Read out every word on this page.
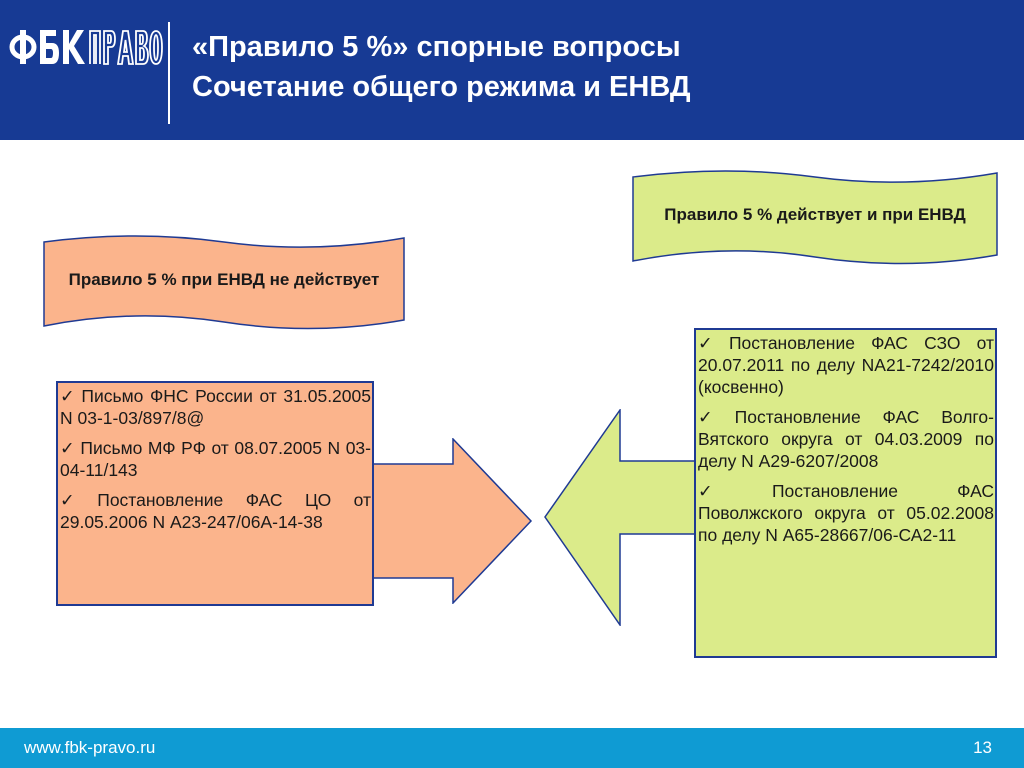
«Правило 5 %» спорные вопросы
Сочетание общего режима и ЕНВД
Правило 5 % при ЕНВД не действует
Правило 5 % действует и при ЕНВД
✓ Письмо ФНС России от 31.05.2005 N 03-1-03/897/8@
✓ Письмо МФ РФ от 08.07.2005 N 03-04-11/143
✓ Постановление ФАС ЦО от 29.05.2006 N А23-247/06А-14-38
✓ Постановление ФАС СЗО от 20.07.2011 по делу NА21-7242/2010 (косвенно)
✓ Постановление ФАС Волго-Вятского округа от 04.03.2009 по делу N А29-6207/2008
✓ Постановление ФАС Поволжского округа от 05.02.2008 по делу N А65-28667/06-СА2-11
www.fbk-pravo.ru	13
